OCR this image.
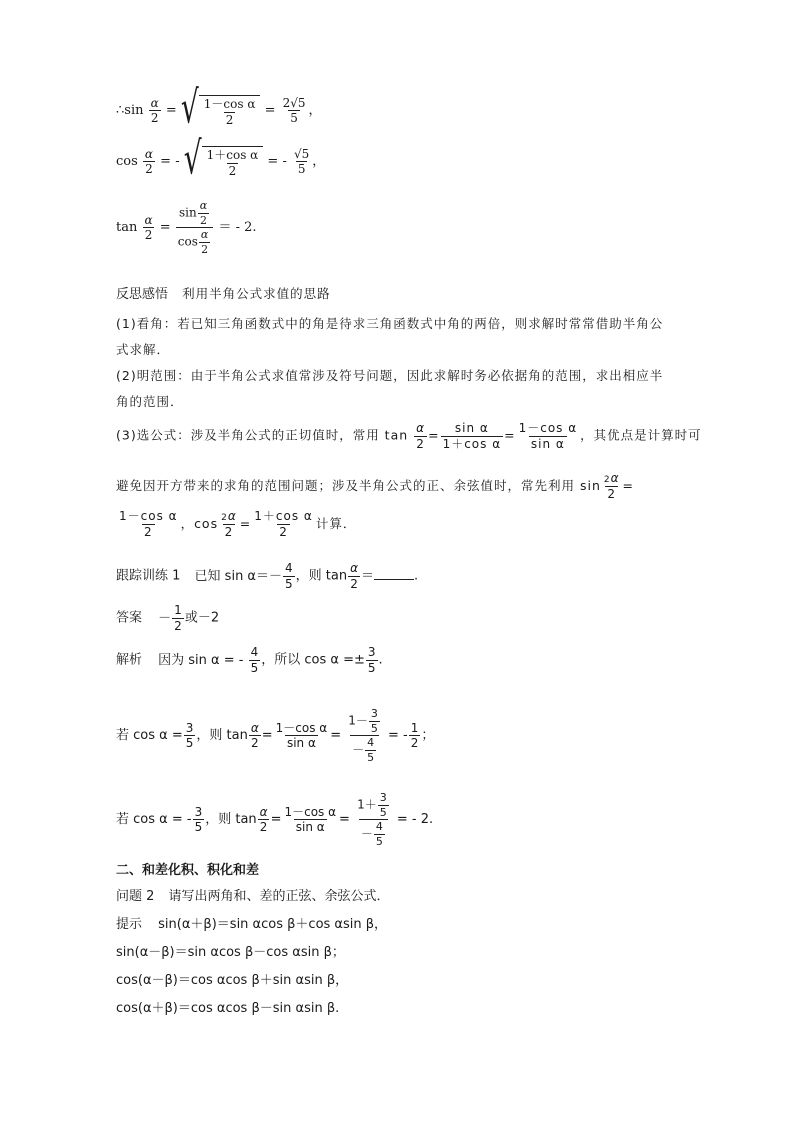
∴sin $\frac{\alpha}{2}$ = √ $\frac{\text{1－cos α}}{2} = \frac{2√5}{5}$ ，
$\cos \frac{\alpha}{2}$ = - √ $\frac{\text{1＋cos α}}{2}$ = - $\frac{√5}{5}$ ，
$\tan \frac{\alpha}{2} = \frac{\sin \frac{\alpha}{2}}{\cos \frac{\alpha}{2}}$ ＝ - 2.
反思感悟 利用半角公式求值的思路
(1)看角：若已知三角函数式中的角是待求三角函数式中角的两倍，则求解时常常借助半角公
式求解．
(2)明范围：由于半角公式求值常涉及符号问题，因此求解时务必依据角的范围，求出相应半
角的范围．
(3)选公式：涉及半角公式的正切值时，常用 $\tan \frac{\alpha}{2} = \frac{\text{sin α}}{\text{1＋cos α}} = \frac{\text{1－cos α}}{\text{sin α}}$ ，其优点是计算时可
避免因开方带来的求角的范围问题；涉及半角公式的正、余弦值时，常先利用 $\sin \frac{2\alpha}{2}$ =
$\frac{\text{1－cos α}}{2}$ ，$\cos \frac{2\alpha}{2} = \frac{\text{1＋cos α}}{2}$ 计算．
跟踪训练 1 已知 $\sin \alpha=- \frac{4}{5}$ ，则 $\tan \frac{\alpha}{2}$ ＝	.
答案 － $\frac{1}{2}$ 或－2
解析 因为 sin α = - $\frac{4}{5}$ ，所以 $\cos \alpha =\pm \frac{3}{5}$ .
若 $\cos \alpha = \frac{3}{5}$ ，则 $\tan \frac{\alpha}{2} = \frac{\text{1－cos α}}{\text{sin α}} = \frac{1- \frac{3}{5}}{- \frac{4}{5}}$ = - $\frac{1}{2}$ ；
若 cos α = - $\frac{3}{5}$ ，则 $\tan \frac{\alpha}{2} = \frac{\text{1－cos α}}{\text{sin α}} = \frac{1+ \frac{3}{5}}{- \frac{4}{5}}$ = - 2.
二、和差化积、积化和差
问题 2 请写出两角和、差的正弦、余弦公式．
提示 sin(α＋β)＝sin αcos β＋cos αsin β，
sin(α－β)＝sin αcos β－cos αsin β；
cos(α－β)＝cos αcos β＋sin αsin β，
cos(α＋β)＝cos αcos β－sin αsin β.
